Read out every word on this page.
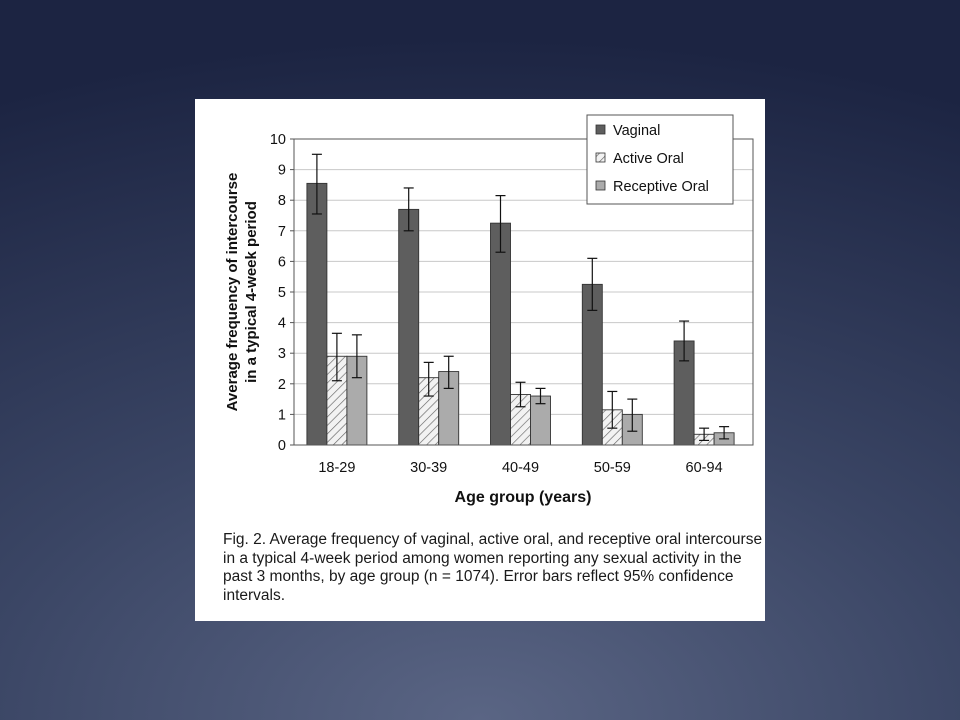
0
1
2
3
4
5
6
7
8
9
10
18-29	30-39	40-49	50-59	60-94
Age group (years)
Average frequency of intercourse in a typical 4-week period
Vaginal
Active Oral
Receptive Oral

Fig. 2. Average frequency of vaginal, active oral, and receptive oral intercourse in a typical 4-week period among women reporting any sexual activity in the past 3 months, by age group (n = 1074). Error bars reflect 95% confidence intervals.
